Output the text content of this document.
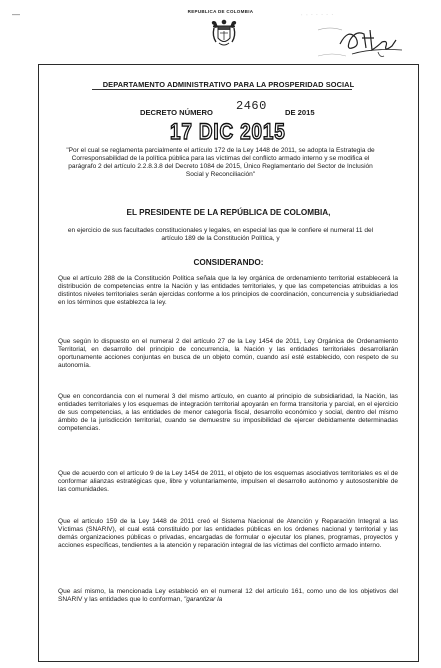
—	REPUBLICA DE COLOMBIA
· · · · · · ·
DEPARTAMENTO ADMINISTRATIVO PARA LA PROSPERIDAD SOCIAL
DECRETO NÚMERO 2460 DE 2015
17 DIC 2015
"Por el cual se reglamenta parcialmente el artículo 172 de la Ley 1448 de 2011, se adopta la Estrategia de Corresponsabilidad de la política pública para las víctimas del conflicto armado interno y se modifica el parágrafo 2 del artículo 2.2.8.3.8 del Decreto 1084 de 2015, Único Reglamentario del Sector de Inclusión Social y Reconciliación"
EL PRESIDENTE DE LA REPÚBLICA DE COLOMBIA,
en ejercicio de sus facultades constitucionales y legales, en especial las que le confiere el numeral 11 del artículo 189 de la Constitución Política, y
CONSIDERANDO:
Que el artículo 288 de la Constitución Política señala que la ley orgánica de ordenamiento territorial establecerá la distribución de competencias entre la Nación y las entidades territoriales, y que las competencias atribuidas a los distintos niveles territoriales serán ejercidas conforme a los principios de coordinación, concurrencia y subsidiariedad en los términos que establezca la ley.
Que según lo dispuesto en el numeral 2 del artículo 27 de la Ley 1454 de 2011, Ley Orgánica de Ordenamiento Territorial, en desarrollo del principio de concurrencia, la Nación y las entidades territoriales desarrollarán oportunamente acciones conjuntas en busca de un objeto común, cuando así esté establecido, con respeto de su autonomía.
Que en concordancia con el numeral 3 del mismo artículo, en cuanto al principio de subsidiaridad, la Nación, las entidades territoriales y los esquemas de integración territorial apoyarán en forma transitoria y parcial, en el ejercicio de sus competencias, a las entidades de menor categoría fiscal, desarrollo económico y social, dentro del mismo ámbito de la jurisdicción territorial, cuando se demuestre su imposibilidad de ejercer debidamente determinadas competencias.
Que de acuerdo con el artículo 9 de la Ley 1454 de 2011, el objeto de los esquemas asociativos territoriales es el de conformar alianzas estratégicas que, libre y voluntariamente, impulsen el desarrollo autónomo y autosostenible de las comunidades.
Que el artículo 159 de la Ley 1448 de 2011 creó el Sistema Nacional de Atención y Reparación Integral a las Víctimas (SNARIV), el cual está constituido por las entidades públicas en los órdenes nacional y territorial y las demás organizaciones públicas o privadas, encargadas de formular o ejecutar los planes, programas, proyectos y acciones específicas, tendientes a la atención y reparación integral de las víctimas del conflicto armado interno.
Que así mismo, la mencionada Ley estableció en el numeral 12 del artículo 161, como uno de los objetivos del SNARIV y las entidades que lo conforman, "garantizar la
